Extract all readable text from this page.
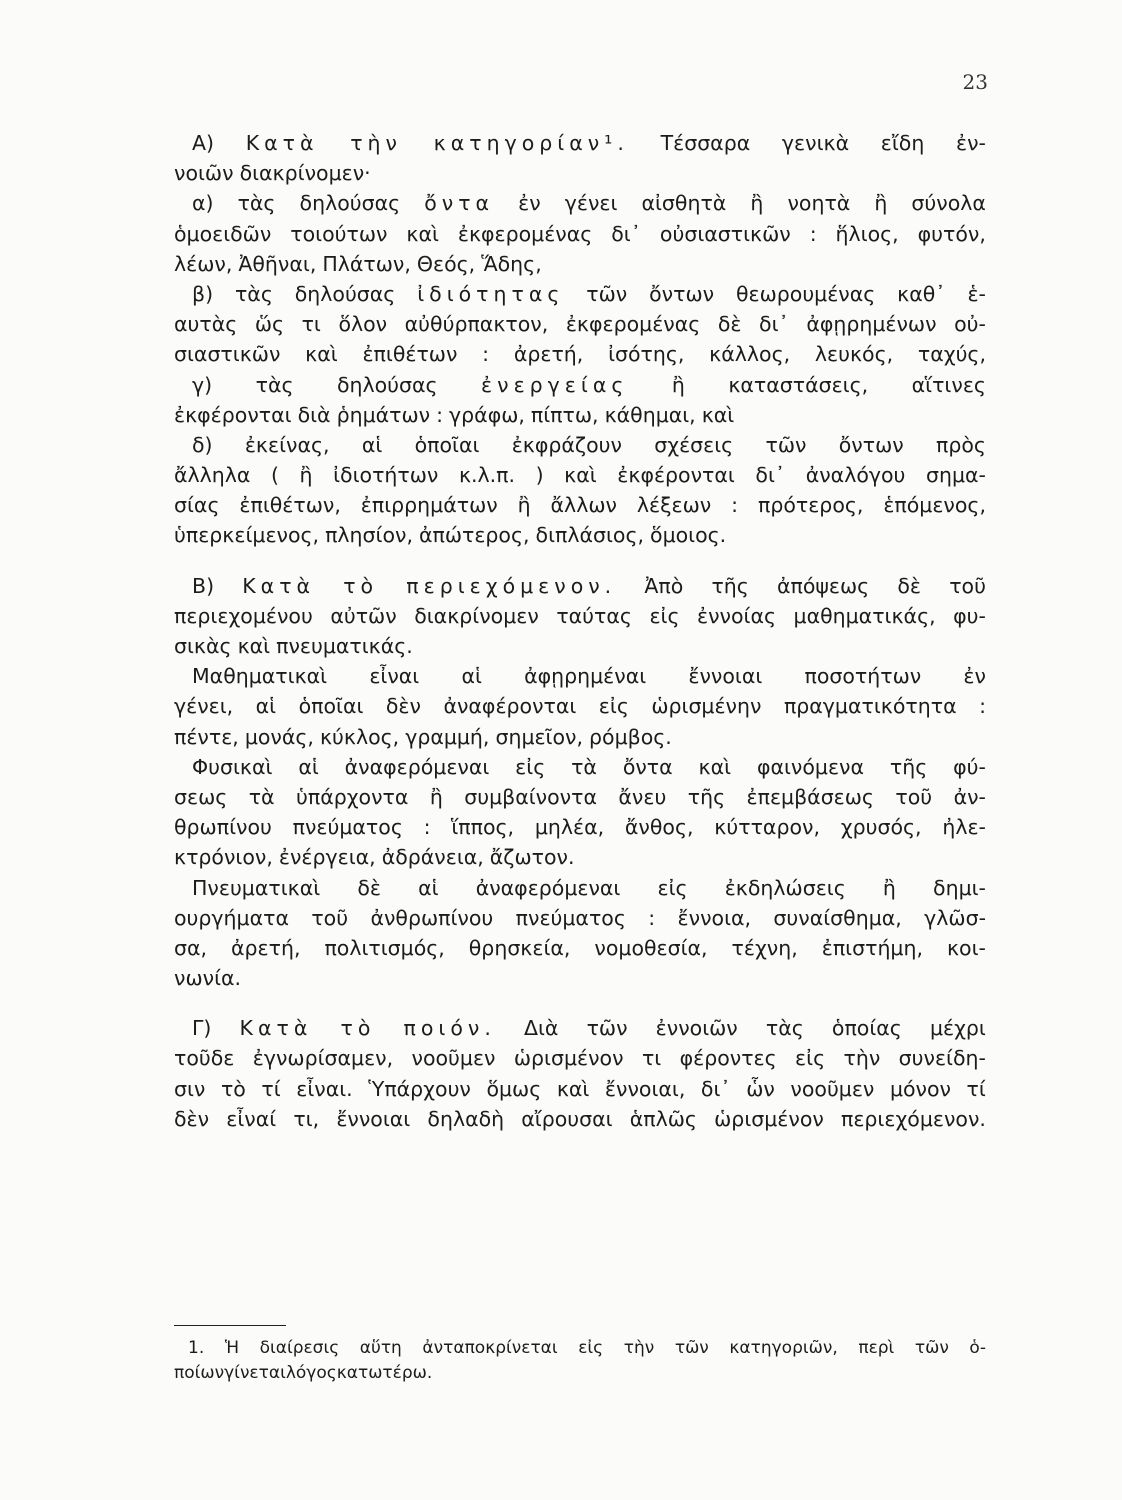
23
A) Κατὰ τὴν κατηγορίαν¹. Τέσσαρα γενικὰ εἴδη ἐν-
νοιῶν διακρίνομεν·
α) τὰς δηλούσας ὄντα ἐν γένει αἰσθητὰ ἢ νοητὰ ἢ σύνολα
ὁμοειδῶν τοιούτων καὶ ἐκφερομένας δι᾽ οὐσιαστικῶν : ἥλιος, φυτόν,
λέων, Ἀθῆναι, Πλάτων, Θεός, Ἅδης,
β) τὰς δηλούσας ἰδιότητας τῶν ὄντων θεωρουμένας καθ᾽ ἑ-
αυτὰς ὥς τι ὅλον αὐθύρπακτον, ἐκφερομένας δὲ δι᾽ ἀφῃρημένων οὐ-
σιαστικῶν καὶ ἐπιθέτων : ἀρετή, ἰσότης, κάλλος, λευκός, ταχύς,
γ) τὰς δηλούσας ἐνεργείας ἢ καταστάσεις, αἵτινες
ἐκφέρονται διὰ ῥημάτων : γράφω, πίπτω, κάθημαι, καὶ
δ) ἐκείνας, αἱ ὁποῖαι ἐκφράζουν σχέσεις τῶν ὄντων πρὸς
ἄλληλα ( ἢ ἰδιοτήτων κ.λ.π. ) καὶ ἐκφέρονται δι᾽ ἀναλόγου σημα-
σίας ἐπιθέτων, ἐπιρρημάτων ἢ ἄλλων λέξεων : πρότερος, ἑπόμενος,
ὑπερκείμενος, πλησίον, ἀπώτερος, διπλάσιος, ὅμοιος.
B) Κατὰ τὸ περιεχόμενον. Ἀπὸ τῆς ἀπόψεως δὲ τοῦ
περιεχομένου αὐτῶν διακρίνομεν ταύτας εἰς ἐννοίας μαθηματικάς, φυ-
σικὰς καὶ πνευματικάς.
Μαθηματικαὶ εἶναι αἱ ἀφῃρημέναι ἔννοιαι ποσοτήτων ἐν
γένει, αἱ ὁποῖαι δὲν ἀναφέρονται εἰς ὡρισμένην πραγματικότητα :
πέντε, μονάς, κύκλος, γραμμή, σημεῖον, ρόμβος.
Φυσικαὶ αἱ ἀναφερόμεναι εἰς τὰ ὄντα καὶ φαινόμενα τῆς φύ-
σεως τὰ ὑπάρχοντα ἢ συμβαίνοντα ἄνευ τῆς ἐπεμβάσεως τοῦ ἀν-
θρωπίνου πνεύματος : ἵππος, μηλέα, ἄνθος, κύτταρον, χρυσός, ἠλε-
κτρόνιον, ἐνέργεια, ἀδράνεια, ἄζωτον.
Πνευματικαὶ δὲ αἱ ἀναφερόμεναι εἰς ἐκδηλώσεις ἢ δημι-
ουργήματα τοῦ ἀνθρωπίνου πνεύματος : ἔννοια, συναίσθημα, γλῶσ-
σα, ἀρετή, πολιτισμός, θρησκεία, νομοθεσία, τέχνη, ἐπιστήμη, κοι-
νωνία.
Γ) Κατὰ τὸ ποιόν. Διὰ τῶν ἐννοιῶν τὰς ὁποίας μέχρι
τοῦδε ἐγνωρίσαμεν, νοοῦμεν ὡρισμένον τι φέροντες εἰς τὴν συνείδη-
σιν τὸ τί εἶναι. Ὑπάρχουν ὅμως καὶ ἔννοιαι, δι᾽ ὧν νοοῦμεν μόνον τί
δὲν εἶναί τι, ἔννοιαι δηλαδὴ αἴρουσαι ἁπλῶς ὡρισμένον περιεχόμενον.
1. Ἡ διαίρεσις αὕτη ἀνταποκρίνεται εἰς τὴν τῶν κατηγοριῶν, περὶ τῶν ὁ-
ποίων γίνεται λόγος κατωτέρω.
